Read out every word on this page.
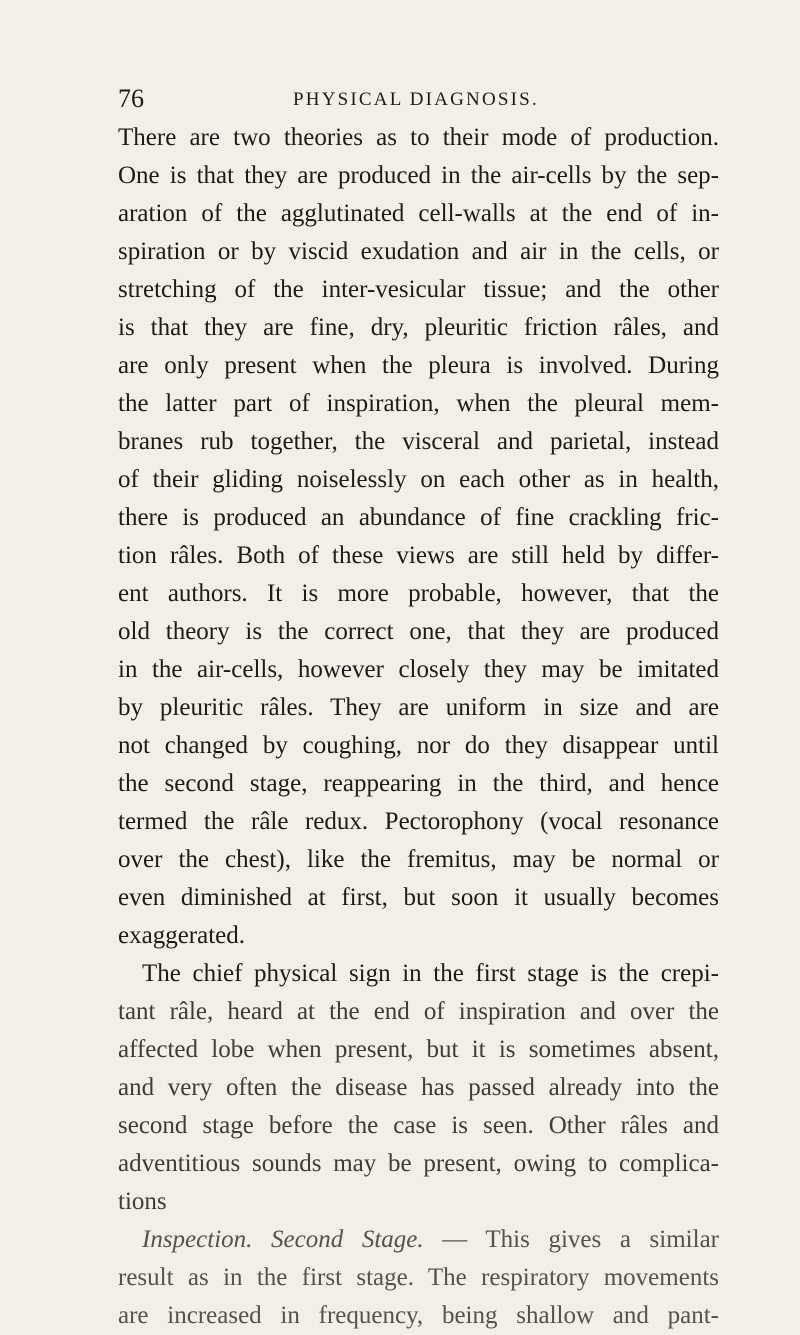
76	PHYSICAL DIAGNOSIS.
There are two theories as to their mode of production.
One is that they are produced in the air-cells by the sep-
aration of the agglutinated cell-walls at the end of in-
spiration or by viscid exudation and air in the cells, or
stretching of the inter-vesicular tissue; and the other
is that they are fine, dry, pleuritic friction râles, and
are only present when the pleura is involved. During
the latter part of inspiration, when the pleural mem-
branes rub together, the visceral and parietal, instead
of their gliding noiselessly on each other as in health,
there is produced an abundance of fine crackling fric-
tion râles. Both of these views are still held by differ-
ent authors. It is more probable, however, that the
old theory is the correct one, that they are produced
in the air-cells, however closely they may be imitated
by pleuritic râles. They are uniform in size and are
not changed by coughing, nor do they disappear until
the second stage, reappearing in the third, and hence
termed the râle redux. Pectorophony (vocal resonance
over the chest), like the fremitus, may be normal or
even diminished at first, but soon it usually becomes
exaggerated.
The chief physical sign in the first stage is the crepi-
tant râle, heard at the end of inspiration and over the
affected lobe when present, but it is sometimes absent,
and very often the disease has passed already into the
second stage before the case is seen. Other râles and
adventitious sounds may be present, owing to complica-
tions
Inspection. Second Stage. — This gives a similar
result as in the first stage. The respiratory movements
are increased in frequency, being shallow and pant-
